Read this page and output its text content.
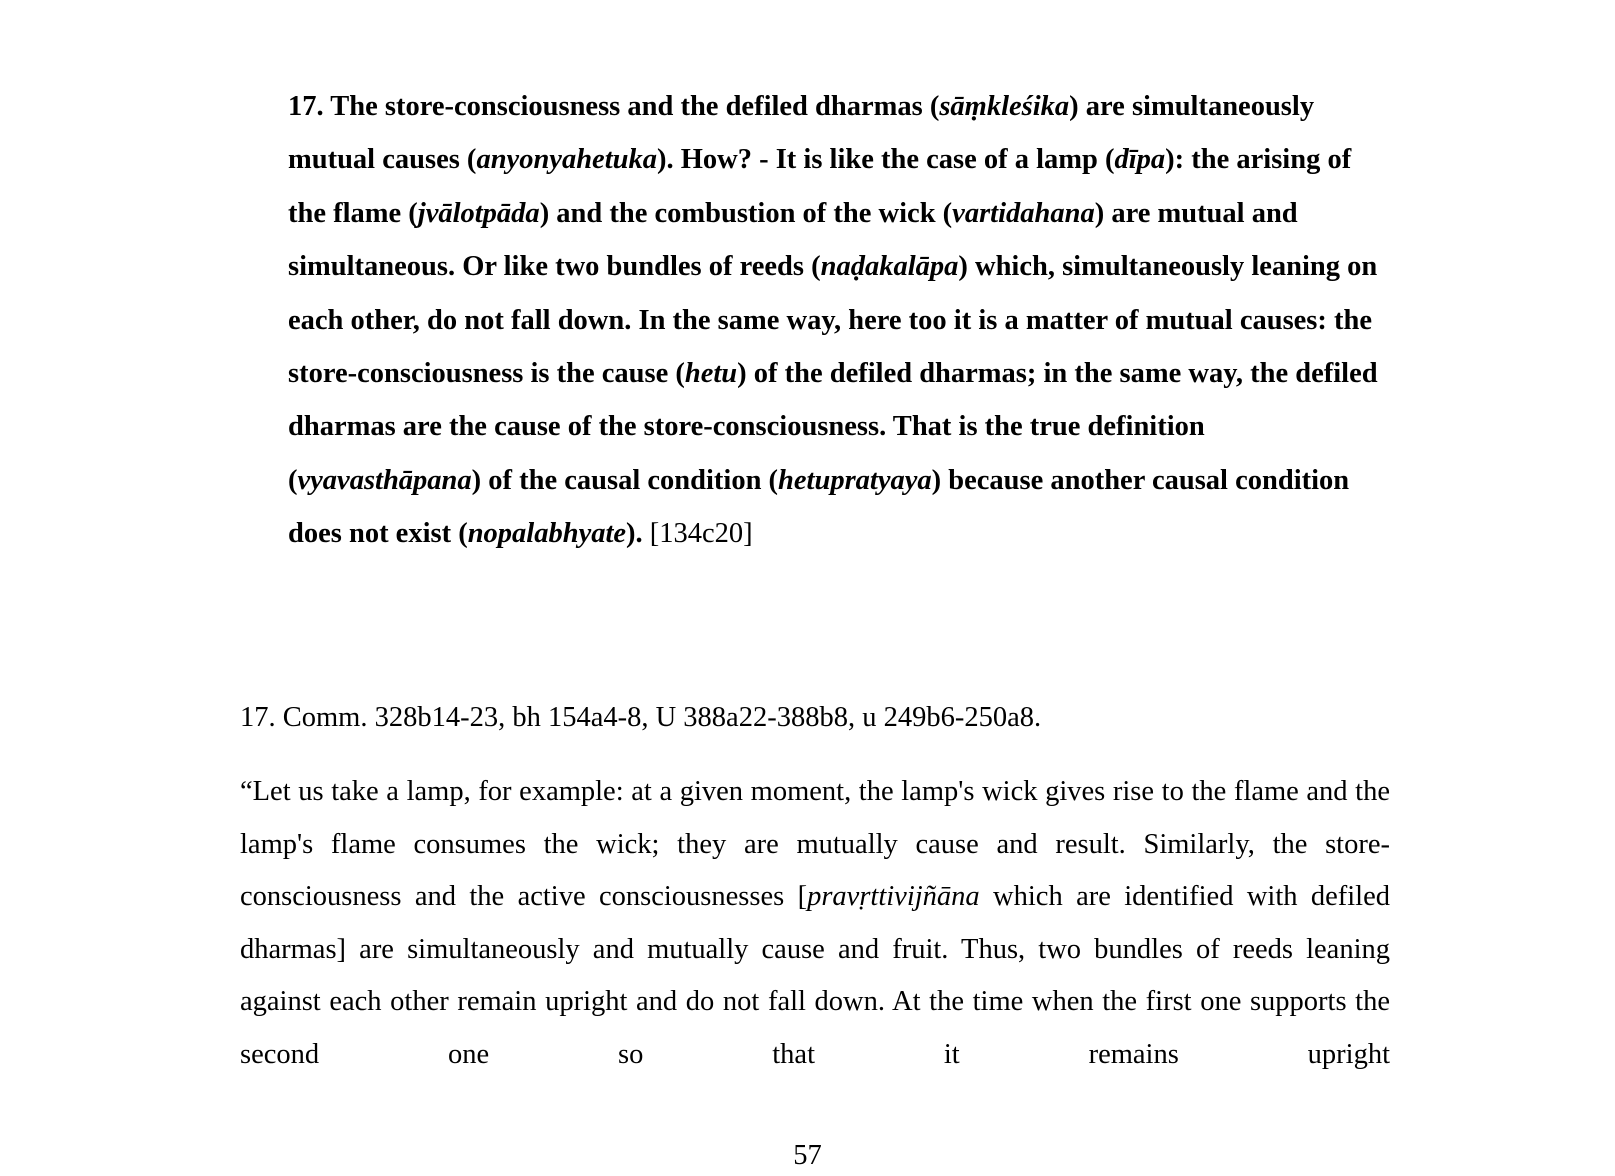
17. The store-consciousness and the defiled dharmas (sāṃkleśika) are simultaneously mutual causes (anyonyahetuka). How? - It is like the case of a lamp (dīpa): the arising of the flame (jvālotpāda) and the combustion of the wick (vartidahana) are mutual and simultaneous. Or like two bundles of reeds (naḍakalāpa) which, simultaneously leaning on each other, do not fall down. In the same way, here too it is a matter of mutual causes: the store-consciousness is the cause (hetu) of the defiled dharmas; in the same way, the defiled dharmas are the cause of the store-consciousness. That is the true definition (vyavasthāpana) of the causal condition (hetupratyaya) because another causal condition does not exist (nopalabhyate). [134c20]
17. Comm. 328b14-23, bh 154a4-8, U 388a22-388b8, u 249b6-250a8.
“Let us take a lamp, for example: at a given moment, the lamp's wick gives rise to the flame and the lamp's flame consumes the wick; they are mutually cause and result. Similarly, the store-consciousness and the active consciousnesses [pravṛttivijñāna which are identified with defiled dharmas] are simultaneously and mutually cause and fruit. Thus, two bundles of reeds leaning against each other remain upright and do not fall down. At the time when the first one supports the second one so that it remains upright
57
